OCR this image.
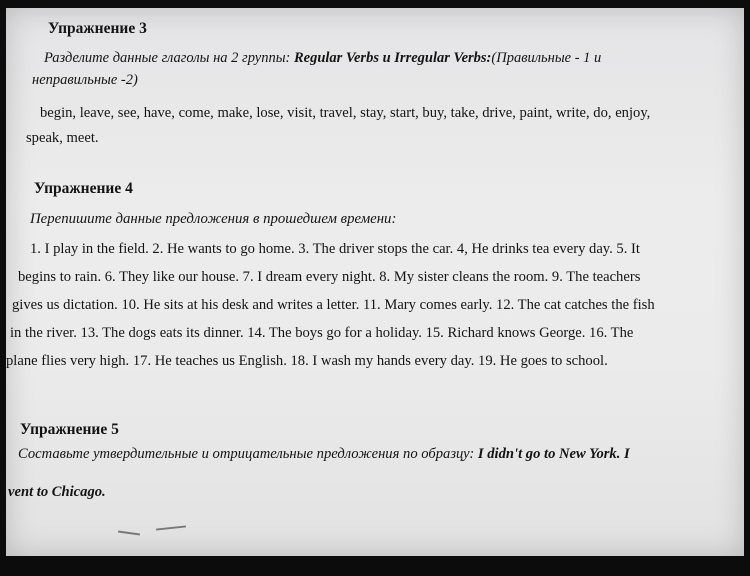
Упражнение 3
Разделите данные глаголы на 2 группы: Regular Verbs и Irregular Verbs:(Правильные - 1 и
неправильные -2)
begin, leave, see, have, come, make, lose, visit, travel, stay, start, buy, take, drive, paint, write, do, enjoy,
speak, meet.
Упражнение 4
Перепишите данные предложения в прошедшем времени:
1. I play in the field. 2. He wants to go home. 3. The driver stops the car. 4, He drinks tea every day. 5. It
begins to rain. 6. They like our house. 7. I dream every night. 8. My sister cleans the room. 9. The teachers
gives us dictation. 10. He sits at his desk and writes a letter. 11. Mary comes early. 12. The cat catches the fish
in the river. 13. The dogs eats its dinner. 14. The boys go for a holiday. 15. Richard knows George. 16. The
plane flies very high. 17. He teaches us English. 18. I wash my hands every day. 19. He goes to school.
Упражнение 5
Составьте утвердительные и отрицательные предложения по образцу: I didn't go to New York. I
vent to Chicago.
